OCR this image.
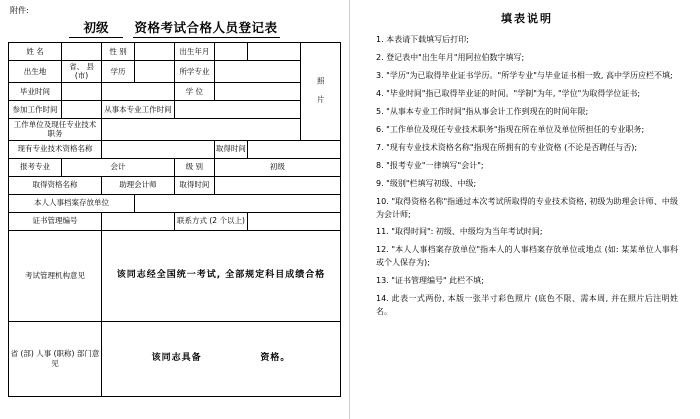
附件:
初级	资格考试合格人员登记表
姓 名		性 别		出生年月			照 片
出生地	省、 县 (市)	学历		所学专业			
毕业时间				学 位			
参加工作时间		从事本专业工作时间					
工作单位及现任专业技术职务							
现有专业技术资格名称					取得时间		
报考专业	会计			级 别	初级		
取得资格名称		助理会计师		取得时间			
本人人事档案存放单位							
证书管理编号				联系方式 (2 个以上)			
考试管理机构意见		该同志经全国统一考试, 全部规定科目成绩合格					
省 (部) 人事 (职称) 部门意见		该同志具备 资格。					
填表说明
1. 本表请下载填写后打印;
2. 登记表中"出生年月"用阿拉伯数字填写;
3. "学历"为已取得毕业证书学历。"所学专业"与毕业证书相一致, 高中学历应栏不填;
4. "毕业时间"指已取得毕业证的时间。"学制"为年, "学位"为取得学位证书;
5. "从事本专业工作时间"指从事会计工作到现在的时间年限;
6. "工作单位及现任专业技术职务"指现在所在单位及单位所担任的专业职务;
7. "现有专业技术资格名称"指现在所拥有的专业资格 (不论是否聘任与否);
8. "报考专业"一律填写"会计";
9. "级别"栏填写初级、中级;
10. "取得资格名称"指通过本次考试所取得的专业技术资格, 初级为助理会计师、中级为会计师;
11. "取得时间": 初级、中级均为当年考试时间;
12. "本人人事档案存放单位"指本人的人事档案存放单位或地点 (如: 某某单位人事科或个人保存为);
13. "证书管理编号" 此栏不填;
14. 此表一式两份, 本版一张半寸彩色照片 (底色不限、需本周, 并在照片后注明姓名。
